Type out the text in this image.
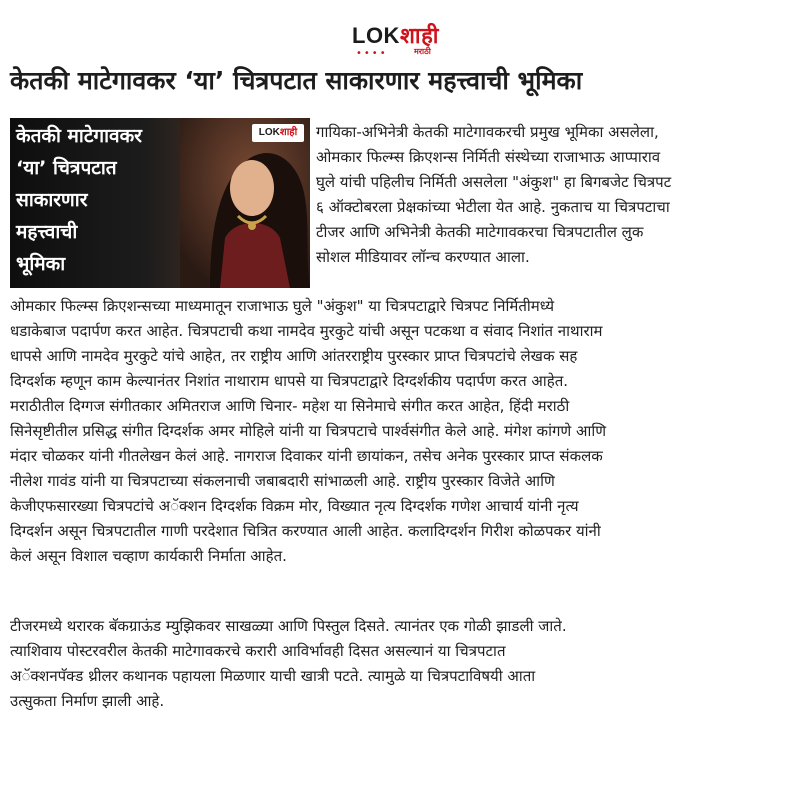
LOKशाही
••••	मराठी
केतकी माटेगावकर ‘या’ चित्रपटात साकारणार महत्त्वाची भूमिका
केतकी माटेगावकर
‘या’ चित्रपटात
साकारणार
महत्त्वाची
भूमिका
LOKशाही	गायिका-अभिनेत्री केतकी माटेगावकरची प्रमुख भूमिका असलेला,
ओमकार फिल्म्स क्रिएशन्स निर्मिती संस्थेच्या राजाभाऊ आप्पाराव
घुले यांची पहिलीच निर्मिती असलेला "अंकुश" हा बिगबजेट चित्रपट
६ ऑक्टोबरला प्रेक्षकांच्या भेटीला येत आहे. नुकताच या चित्रपटाचा
टीजर आणि अभिनेत्री केतकी माटेगावकरचा चित्रपटातील लुक
सोशल मीडियावर लॉन्च करण्यात आला.

ओमकार फिल्म्स क्रिएशन्सच्या माध्यमातून राजाभाऊ घुले "अंकुश" या चित्रपटाद्वारे चित्रपट निर्मितीमध्ये
धडाकेबाज पदार्पण करत आहेत. चित्रपटाची कथा नामदेव मुरकुटे यांची असून पटकथा व संवाद निशांत नाथाराम
धापसे आणि नामदेव मुरकुटे यांचे आहेत, तर राष्ट्रीय आणि आंतरराष्ट्रीय पुरस्कार प्राप्त चित्रपटांचे लेखक सह
दिग्दर्शक म्हणून काम केल्यानंतर निशांत नाथाराम धापसे या चित्रपटाद्वारे दिग्दर्शकीय पदार्पण करत आहेत.
मराठीतील दिग्गज संगीतकार अमितराज आणि चिनार- महेश या सिनेमाचे संगीत करत आहेत, हिंदी मराठी
सिनेसृष्टीतील प्रसिद्ध संगीत दिग्दर्शक अमर मोहिले यांनी या चित्रपटाचे पार्श्वसंगीत केले आहे. मंगेश कांगणे आणि
मंदार चोळकर यांनी गीतलेखन केलं आहे. नागराज दिवाकर यांनी छायांकन, तसेच अनेक पुरस्कार प्राप्त संकलक
नीलेश गावंड यांनी या चित्रपटाच्या संकलनाची जबाबदारी सांभाळली आहे. राष्ट्रीय पुरस्कार विजेते आणि
केजीएफसारख्या चित्रपटांचे अॅक्शन दिग्दर्शक विक्रम मोर, विख्यात नृत्य दिग्दर्शक गणेश आचार्य यांनी नृत्य
दिग्दर्शन असून चित्रपटातील गाणी परदेशात चित्रित करण्यात आली आहेत. कलादिग्दर्शन गिरीश कोळपकर यांनी
केलं असून विशाल चव्हाण कार्यकारी निर्माता आहेत.

टीजरमध्ये थरारक बॅकग्राऊंड म्युझिकवर साखळ्या आणि पिस्तुल दिसते. त्यानंतर एक गोळी झाडली जाते.
त्याशिवाय पोस्टरवरील केतकी माटेगावकरचे करारी आविर्भावही दिसत असल्यानं या चित्रपटात
अॅक्शनपॅक्ड थ्रीलर कथानक पहायला मिळणार याची खात्री पटते. त्यामुळे या चित्रपटाविषयी आता
उत्सुकता निर्माण झाली आहे.
